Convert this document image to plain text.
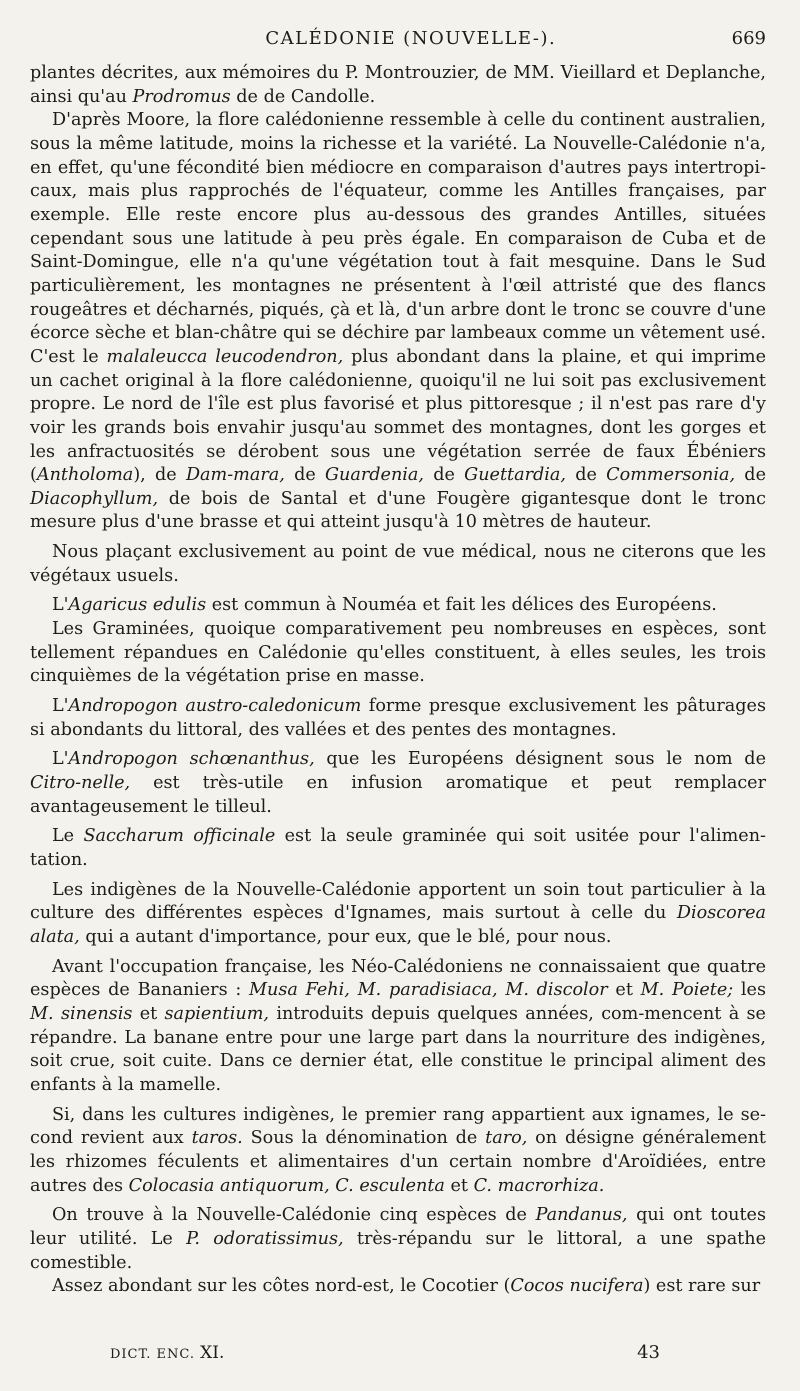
CALÉDONIE (NOUVELLE-).	669

plantes décrites, aux mémoires du P. Montrouzier, de MM. Vieillard et Deplanche, ainsi qu'au Prodromus de de Candolle.

D'après Moore, la flore calédonienne ressemble à celle du continent australien, sous la même latitude, moins la richesse et la variété. La Nouvelle-Calédonie n'a, en effet, qu'une fécondité bien médiocre en comparaison d'autres pays intertropi-caux, mais plus rapprochés de l'équateur, comme les Antilles françaises, par exemple. Elle reste encore plus au-dessous des grandes Antilles, situées cependant sous une latitude à peu près égale. En comparaison de Cuba et de Saint-Domingue, elle n'a qu'une végétation tout à fait mesquine. Dans le Sud particulièrement, les montagnes ne présentent à l'œil attristé que des flancs rougeâtres et décharnés, piqués, çà et là, d'un arbre dont le tronc se couvre d'une écorce sèche et blan-châtre qui se déchire par lambeaux comme un vêtement usé. C'est le malaleucca leucodendron, plus abondant dans la plaine, et qui imprime un cachet original à la flore calédonienne, quoiqu'il ne lui soit pas exclusivement propre. Le nord de l'île est plus favorisé et plus pittoresque ; il n'est pas rare d'y voir les grands bois envahir jusqu'au sommet des montagnes, dont les gorges et les anfractuosités se dérobent sous une végétation serrée de faux Ébéniers (Antholoma), de Dam-mara, de Guardenia, de Guettardia, de Commersonia, de Diacophyllum, de bois de Santal et d'une Fougère gigantesque dont le tronc mesure plus d'une brasse et qui atteint jusqu'à 10 mètres de hauteur.

Nous plaçant exclusivement au point de vue médical, nous ne citerons que les végétaux usuels.

L'Agaricus edulis est commun à Nouméa et fait les délices des Européens.

Les Graminées, quoique comparativement peu nombreuses en espèces, sont tellement répandues en Calédonie qu'elles constituent, à elles seules, les trois cinquièmes de la végétation prise en masse.

L'Andropogon austro-caledonicum forme presque exclusivement les pâturages si abondants du littoral, des vallées et des pentes des montagnes.

L'Andropogon schœnanthus, que les Européens désignent sous le nom de Citro-nelle, est très-utile en infusion aromatique et peut remplacer avantageusement le tilleul.

Le Saccharum officinale est la seule graminée qui soit usitée pour l'alimen-tation.

Les indigènes de la Nouvelle-Calédonie apportent un soin tout particulier à la culture des différentes espèces d'Ignames, mais surtout à celle du Dioscorea alata, qui a autant d'importance, pour eux, que le blé, pour nous.

Avant l'occupation française, les Néo-Calédoniens ne connaissaient que quatre espèces de Bananiers : Musa Fehi, M. paradisiaca, M. discolor et M. Poiete; les M. sinensis et sapientium, introduits depuis quelques années, com-mencent à se répandre. La banane entre pour une large part dans la nourriture des indigènes, soit crue, soit cuite. Dans ce dernier état, elle constitue le principal aliment des enfants à la mamelle.

Si, dans les cultures indigènes, le premier rang appartient aux ignames, le se-cond revient aux taros. Sous la dénomination de taro, on désigne généralement les rhizomes féculents et alimentaires d'un certain nombre d'Aroïdiées, entre autres des Colocasia antiquorum, C. esculenta et C. macrorhiza.

On trouve à la Nouvelle-Calédonie cinq espèces de Pandanus, qui ont toutes leur utilité. Le P. odoratissimus, très-répandu sur le littoral, a une spathe comestible.

Assez abondant sur les côtes nord-est, le Cocotier (Cocos nucifera) est rare sur

DICT. ENC. XI.	43
